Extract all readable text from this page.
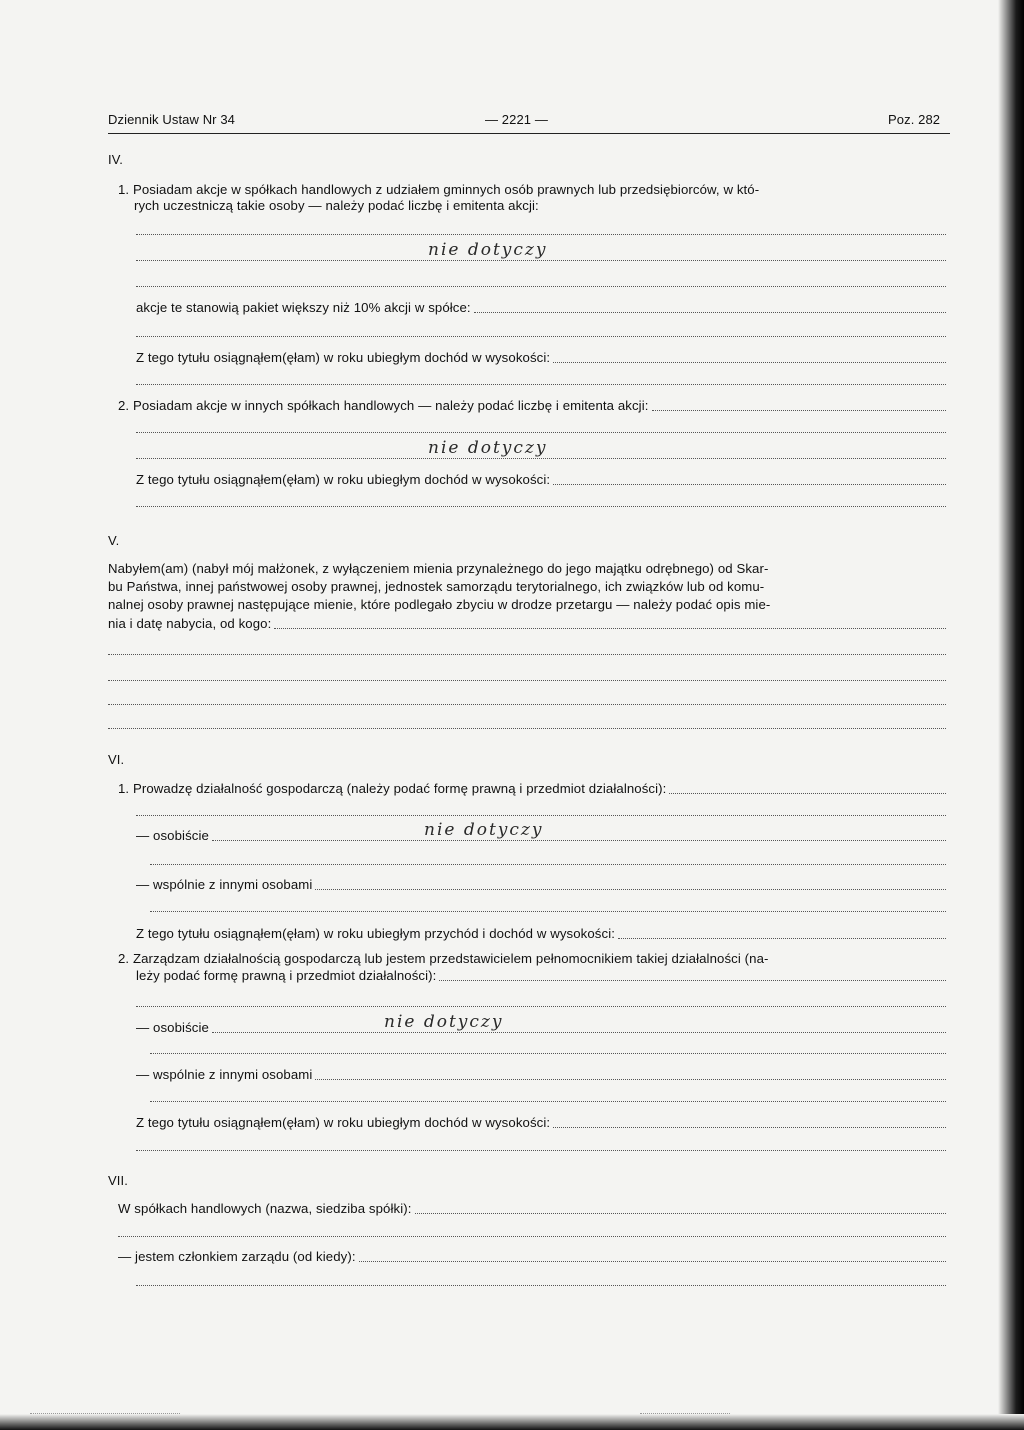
Dziennik Ustaw Nr 34	— 2221 —	Poz. 282
IV.
1. Posiadam akcje w spółkach handlowych z udziałem gminnych osób prawnych lub przedsiębiorców, w któ-
rych uczestniczą takie osoby — należy podać liczbę i emitenta akcji:
nie dotyczy
akcje te stanowią pakiet większy niż 10% akcji w spółce:
Z tego tytułu osiągnąłem(ęłam) w roku ubiegłym dochód w wysokości:
2. Posiadam akcje w innych spółkach handlowych — należy podać liczbę i emitenta akcji:
nie dotyczy
Z tego tytułu osiągnąłem(ęłam) w roku ubiegłym dochód w wysokości:
V.
Nabyłem(am) (nabył mój małżonek, z wyłączeniem mienia przynależnego do jego majątku odrębnego) od Skar-
bu Państwa, innej państwowej osoby prawnej, jednostek samorządu terytorialnego, ich związków lub od komu-
nalnej osoby prawnej następujące mienie, które podlegało zbyciu w drodze przetargu — należy podać opis mie-
nia i datę nabycia, od kogo:
VI.
1. Prowadzę działalność gospodarczą (należy podać formę prawną i przedmiot działalności):
— osobiście	nie dotyczy
— wspólnie z innymi osobami
Z tego tytułu osiągnąłem(ęłam) w roku ubiegłym przychód i dochód w wysokości:
2. Zarządzam działalnością gospodarczą lub jestem przedstawicielem pełnomocnikiem takiej działalności (na-
leży podać formę prawną i przedmiot działalności):
— osobiście	nie dotyczy
— wspólnie z innymi osobami
Z tego tytułu osiągnąłem(ęłam) w roku ubiegłym dochód w wysokości:
VII.
W spółkach handlowych (nazwa, siedziba spółki):
— jestem członkiem zarządu (od kiedy):
